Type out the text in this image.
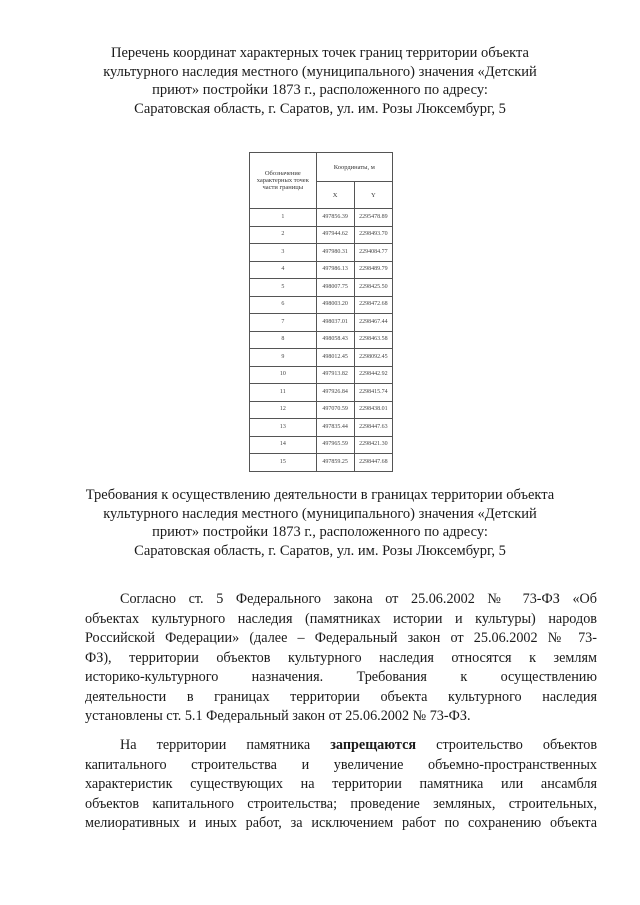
Перечень координат характерных точек границ территории объекта
культурного наследия местного (муниципального) значения «Детский
приют» постройки 1873 г., расположенного по адресу:
Саратовская область, г. Саратов, ул. им. Розы Люксембург, 5
Обозначение характерных точек части границы	Координаты, м	
	X	Y
1	497856.39	2295478.89
2	497944.62	2298493.70
3	497980.31	2294084.77
4	497986.13	2298489.79
5	498007.75	2298425.50
6	498003.20	2298472.68
7	498037.01	2298467.44
8	498058.43	2298463.58
9	498012.45	2298092.45
10	497913.82	2298442.92
11	497926.84	2298415.74
12	497070.59	2298438.01
13	497835.44	2298447.63
14	497965.59	2298421.30
15	497859.25	2298447.68
Требования к осуществлению деятельности в границах территории объекта
культурного наследия местного (муниципального) значения «Детский
приют» постройки 1873 г., расположенного по адресу:
Саратовская область, г. Саратов, ул. им. Розы Люксембург, 5
Согласно ст. 5 Федерального закона от 25.06.2002 № 73-ФЗ «Об
объектах культурного наследия (памятниках истории и культуры) народов
Российской Федерации» (далее – Федеральный закон от 25.06.2002 № 73-
ФЗ), территории объектов культурного наследия относятся к землям
историко-культурного назначения. Требования к осуществлению
деятельности в границах территории объекта культурного наследия
установлены ст. 5.1 Федеральный закон от 25.06.2002 № 73-ФЗ.
На территории памятника запрещаются строительство объектов
капитального строительства и увеличение объемно-пространственных
характеристик существующих на территории памятника или ансамбля
объектов капитального строительства; проведение земляных, строительных,
мелиоративных и иных работ, за исключением работ по сохранению объекта
